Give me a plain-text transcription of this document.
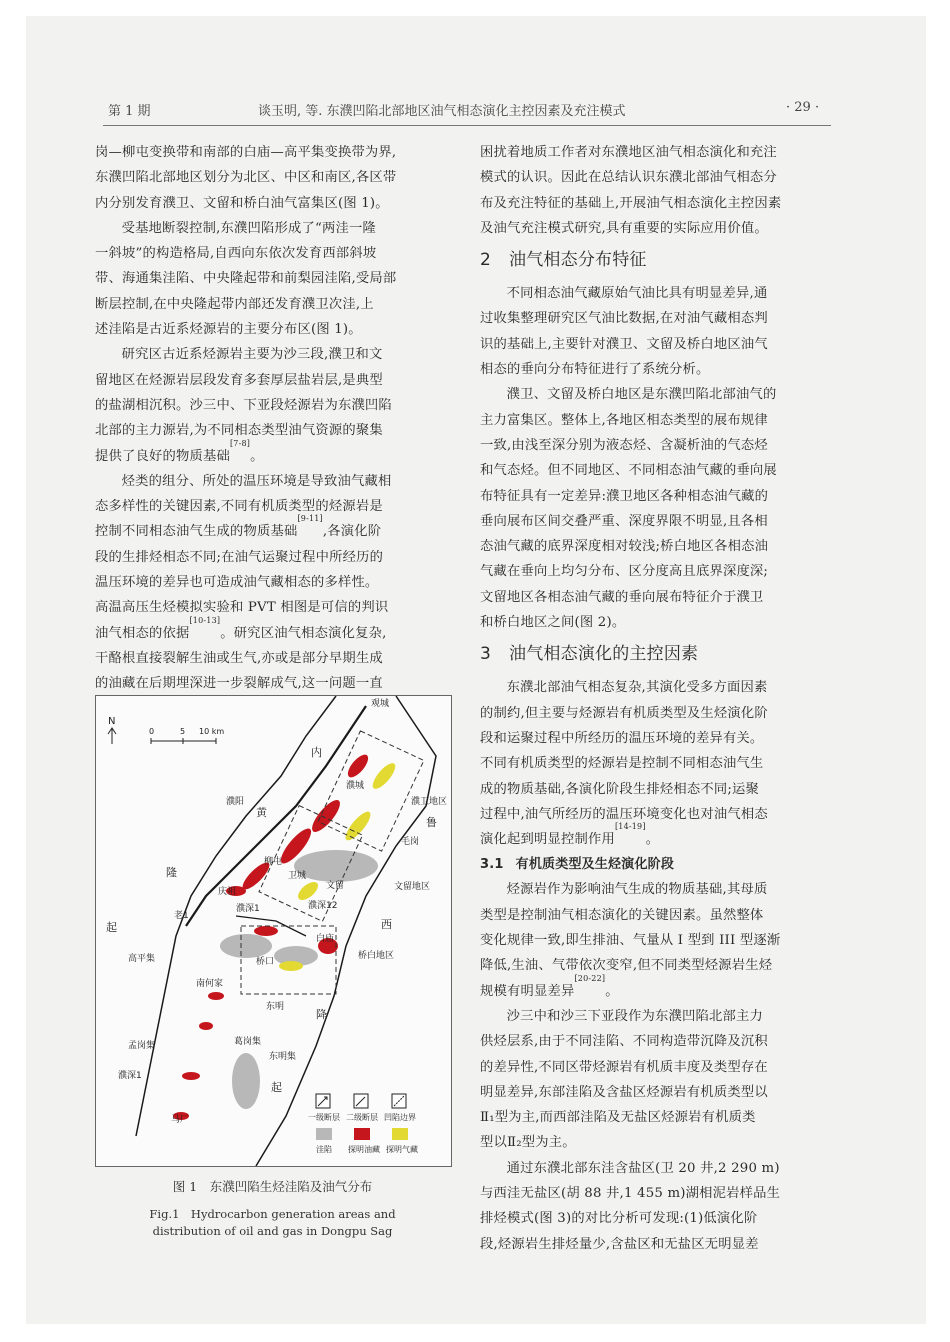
第 1 期	谈玉明, 等. 东濮凹陷北部地区油气相态演化主控因素及充注模式	· 29 ·

岗—柳屯变换带和南部的白庙—高平集变换带为界,
东濮凹陷北部地区划分为北区、中区和南区,各区带
内分别发育濮卫、文留和桥白油气富集区(图 1)。

受基地断裂控制,东濮凹陷形成了“两洼一隆
一斜坡”的构造格局,自西向东依次发育西部斜坡
带、海通集洼陷、中央隆起带和前梨园洼陷,受局部
断层控制,在中央隆起带内部还发育濮卫次洼,上
述洼陷是古近系烃源岩的主要分布区(图 1)。

研究区古近系烃源岩主要为沙三段,濮卫和文
留地区在烃源岩层段发育多套厚层盐岩层,是典型
的盐湖相沉积。沙三中、下亚段烃源岩为东濮凹陷
北部的主力源岩,为不同相态类型油气资源的聚集
提供了良好的物质基础[7-8]。

烃类的组分、所处的温压环境是导致油气藏相
态多样性的关键因素,不同有机质类型的烃源岩是
控制不同相态油气生成的物质基础[9-11],各演化阶
段的生排烃相态不同;在油气运聚过程中所经历的
温压环境的差异也可造成油气藏相态的多样性。
高温高压生烃模拟实验和 PVT 相图是可信的判识
油气相态的依据[10-13]。研究区油气相态演化复杂,
干酪根直接裂解生油或生气,亦或是部分早期生成
的油藏在后期埋深进一步裂解成气,这一问题一直

N
0	5 10 km
观城
内
黄
濮阳	濮卫地区
鲁
毛岗
庆祖
柳屯
濮城
卫城
文留
隆
起
文留地区
老1
濮深1	濮深12
西
高平集	桥口
白庙
桥白地区
南何家
东明
降
葛岗集
孟岗集
东明集
濮深1
起
马厂	一级断层 二级断层 凹陷边界
洼陷 探明油藏 探明气藏
图 1　东濮凹陷生烃洼陷及油气分布
Fig.1　Hydrocarbon generation areas and
distribution of oil and gas in Dongpu Sag

困扰着地质工作者对东濮地区油气相态演化和充注
模式的认识。因此在总结认识东濮北部油气相态分
布及充注特征的基础上,开展油气相态演化主控因素
及油气充注模式研究,具有重要的实际应用价值。

2 油气相态分布特征

不同相态油气藏原始气油比具有明显差异,通
过收集整理研究区气油比数据,在对油气藏相态判
识的基础上,主要针对濮卫、文留及桥白地区油气
相态的垂向分布特征进行了系统分析。

濮卫、文留及桥白地区是东濮凹陷北部油气的
主力富集区。整体上,各地区相态类型的展布规律
一致,由浅至深分别为液态烃、含凝析油的气态烃
和气态烃。但不同地区、不同相态油气藏的垂向展
布特征具有一定差异:濮卫地区各种相态油气藏的
垂向展布区间交叠严重、深度界限不明显,且各相
态油气藏的底界深度相对较浅;桥白地区各相态油
气藏在垂向上均匀分布、区分度高且底界深度深;
文留地区各相态油气藏的垂向展布特征介于濮卫
和桥白地区之间(图 2)。

3 油气相态演化的主控因素

东濮北部油气相态复杂,其演化受多方面因素
的制约,但主要与烃源岩有机质类型及生烃演化阶
段和运聚过程中所经历的温压环境的差异有关。
不同有机质类型的烃源岩是控制不同相态油气生
成的物质基础,各演化阶段生排烃相态不同;运聚
过程中,油气所经历的温压环境变化也对油气相态
演化起到明显控制作用[14-19]。

3.1 有机质类型及生烃演化阶段

烃源岩作为影响油气生成的物质基础,其母质
类型是控制油气相态演化的关键因素。虽然整体
变化规律一致,即生排油、气量从 I 型到 III 型逐渐
降低,生油、气带依次变窄,但不同类型烃源岩生烃
规模有明显差异[20-22]。

沙三中和沙三下亚段作为东濮凹陷北部主力
供烃层系,由于不同洼陷、不同构造带沉降及沉积
的差异性,不同区带烃源岩有机质丰度及类型存在
明显差异,东部洼陷及含盐区烃源岩有机质类型以
Ⅱ₁型为主,而西部洼陷及无盐区烃源岩有机质类
型以Ⅱ₂型为主。

通过东濮北部东洼含盐区(卫 20 井,2 290 m)
与西洼无盐区(胡 88 井,1 455 m)湖相泥岩样品生
排烃模式(图 3)的对比分析可发现:(1)低演化阶
段,烃源岩生排烃量少,含盐区和无盐区无明显差
